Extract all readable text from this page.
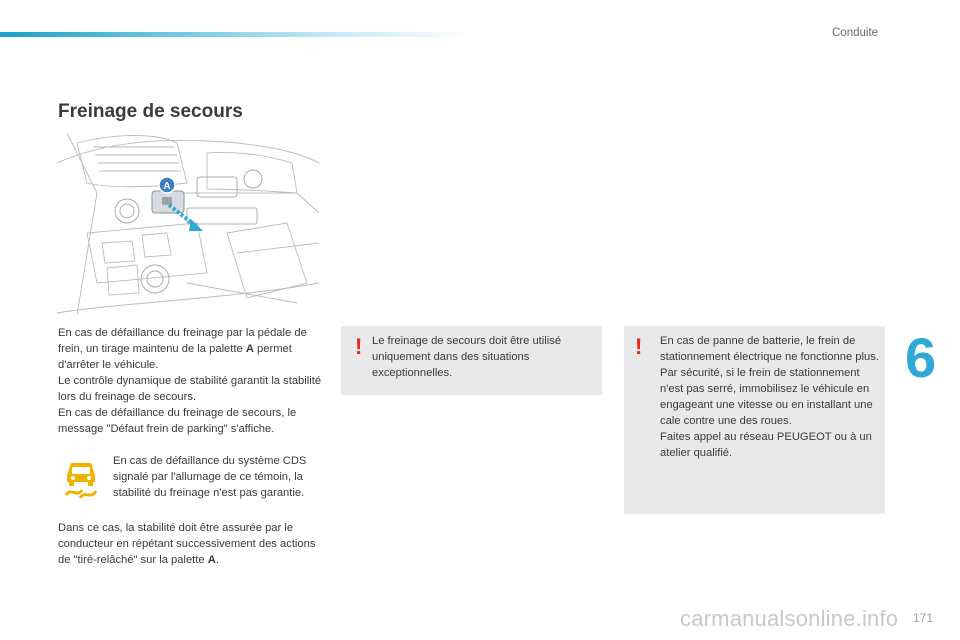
Conduite
Freinage de secours
A

En cas de défaillance du freinage par la pédale de frein, un tirage maintenu de la palette A permet d'arrêter le véhicule.

Le contrôle dynamique de stabilité garantit la stabilité lors du freinage de secours.

En cas de défaillance du freinage de secours, le message "Défaut frein de parking" s'affiche.

En cas de défaillance du système CDS signalé par l'allumage de ce témoin, la stabilité du freinage n'est pas garantie.
Dans ce cas, la stabilité doit être assurée par le conducteur en répétant successivement des actions de "tiré-relâché" sur la palette A.
! Le freinage de secours doit être utilisé uniquement dans des situations exceptionnelles.
! En cas de panne de batterie, le frein de stationnement électrique ne fonctionne plus.

Par sécurité, si le frein de stationnement n'est pas serré, immobilisez le véhicule en engageant une vitesse ou en installant une cale contre une des roues.

Faites appel au réseau PEUGEOT ou à un atelier qualifié.

6
carmanualsonline.info 171
